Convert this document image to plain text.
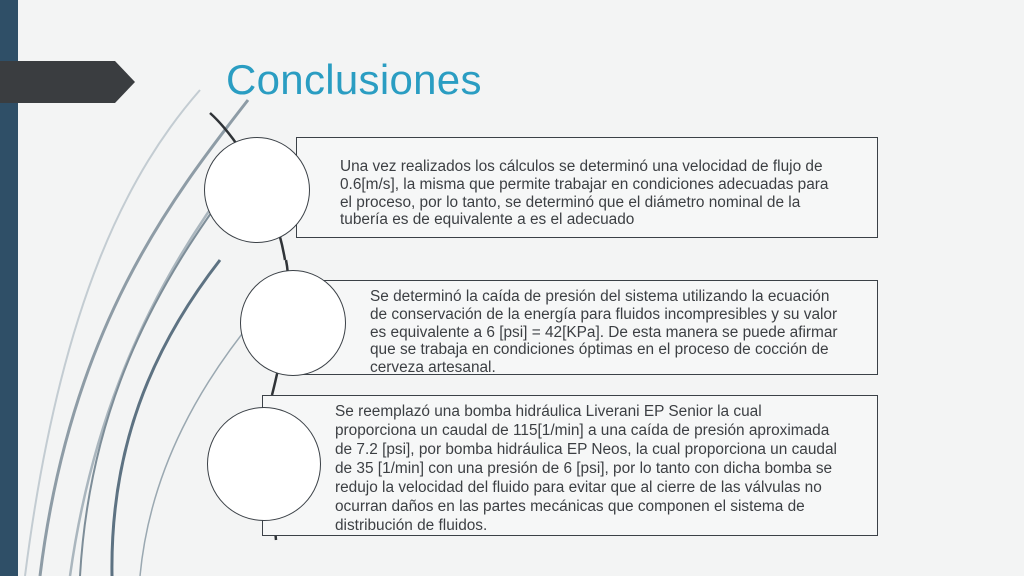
Conclusiones
Una vez realizados los cálculos se determinó una velocidad de flujo de
0.6[m/s], la misma que permite trabajar en condiciones adecuadas para
el proceso, por lo tanto, se determinó que el diámetro nominal de la
tubería es de equivalente a es el adecuado
Se determinó la caída de presión del sistema utilizando la ecuación
de conservación de la energía para fluidos incompresibles y su valor
es equivalente a 6 [psi] = 42[KPa]. De esta manera se puede afirmar
que se trabaja en condiciones óptimas en el proceso de cocción de
cerveza artesanal.
Se reemplazó una bomba hidráulica Liverani EP Senior la cual
proporciona un caudal de 115[1/min] a una caída de presión aproximada
de 7.2 [psi], por bomba hidráulica EP Neos, la cual proporciona un caudal
de 35 [1/min] con una presión de 6 [psi], por lo tanto con dicha bomba se
redujo la velocidad del fluido para evitar que al cierre de las válvulas no
ocurran daños en las partes mecánicas que componen el sistema de
distribución de fluidos.
